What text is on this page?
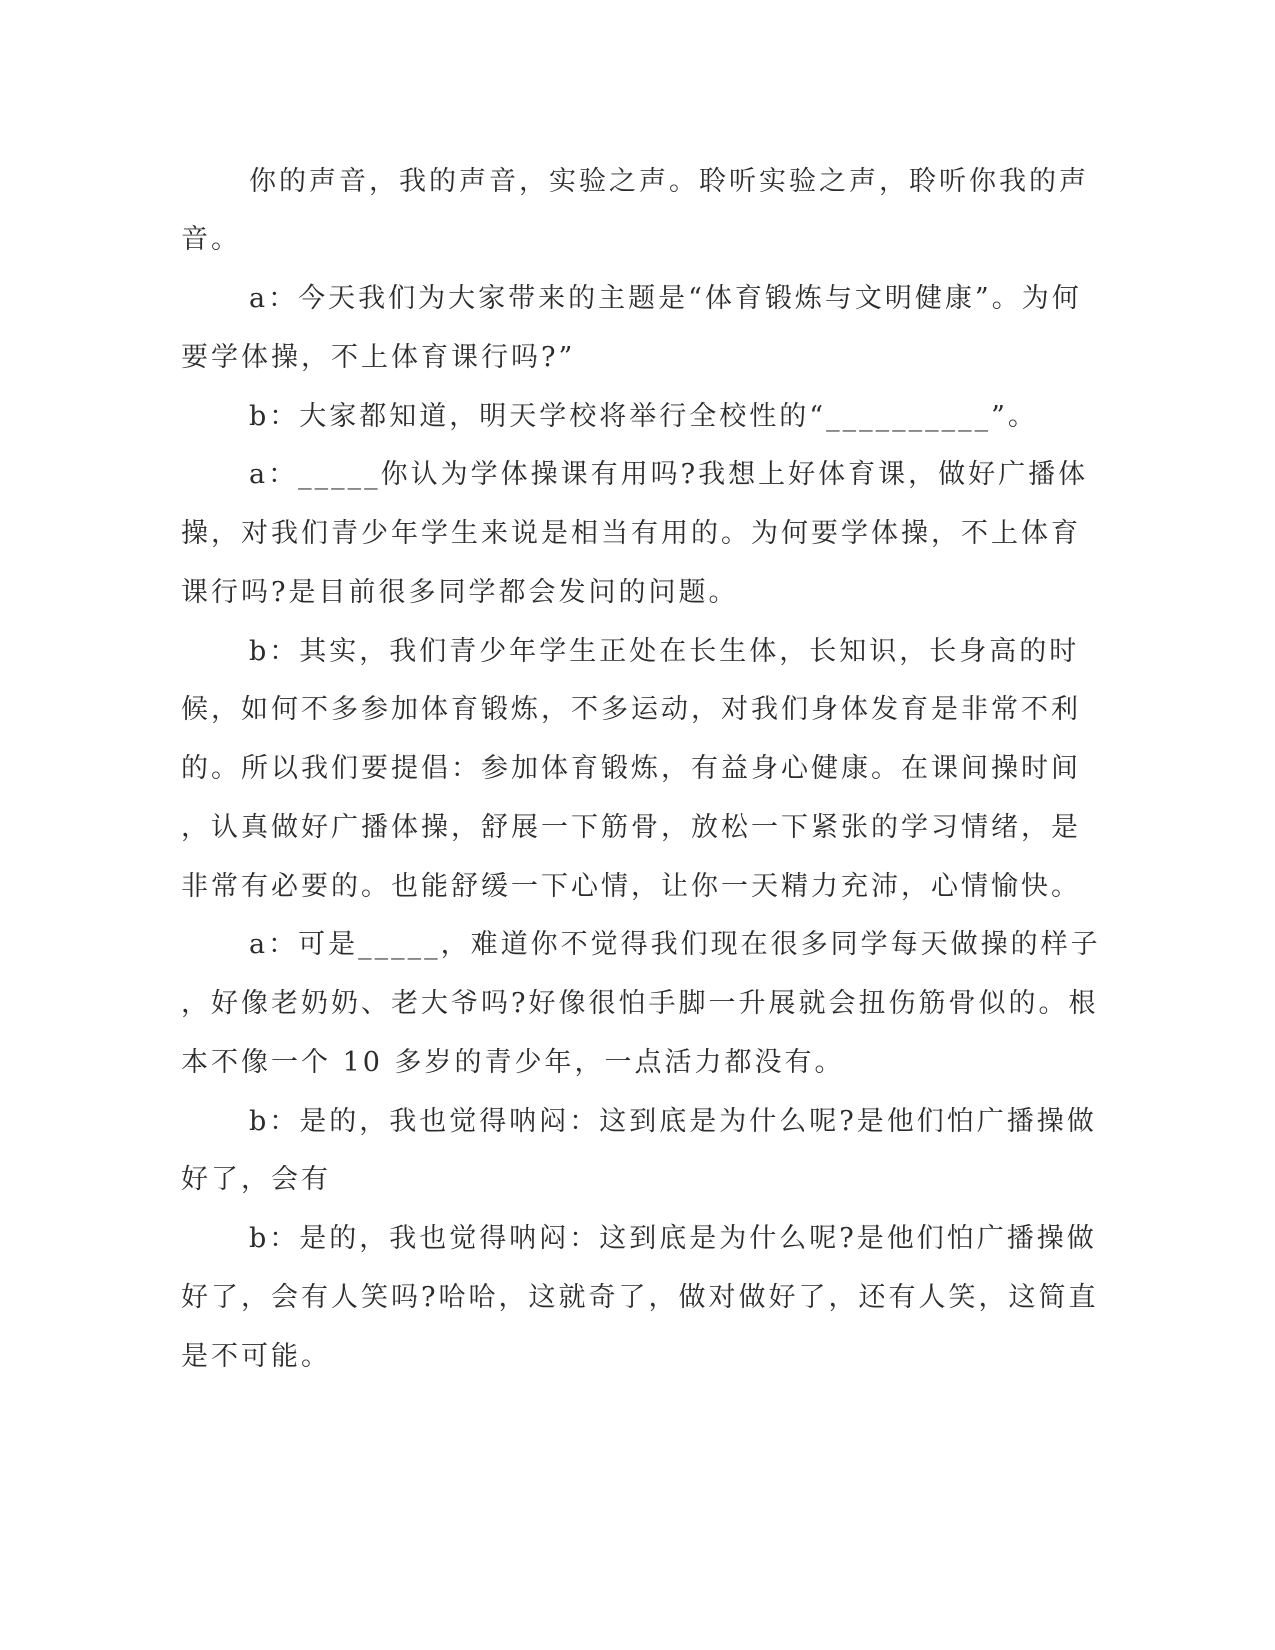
你的声音，我的声音，实验之声。聆听实验之声，聆听你我的声
音。
a：今天我们为大家带来的主题是“体育锻炼与文明健康”。为何
要学体操，不上体育课行吗?”
b：大家都知道，明天学校将举行全校性的“__________”。
a：_____你认为学体操课有用吗?我想上好体育课，做好广播体
操，对我们青少年学生来说是相当有用的。为何要学体操，不上体育
课行吗?是目前很多同学都会发问的问题。
b：其实，我们青少年学生正处在长生体，长知识，长身高的时
候，如何不多参加体育锻炼，不多运动，对我们身体发育是非常不利
的。所以我们要提倡：参加体育锻炼，有益身心健康。在课间操时间
，认真做好广播体操，舒展一下筋骨，放松一下紧张的学习情绪，是
非常有必要的。也能舒缓一下心情，让你一天精力充沛，心情愉快。
a：可是_____，难道你不觉得我们现在很多同学每天做操的样子
，好像老奶奶、老大爷吗?好像很怕手脚一升展就会扭伤筋骨似的。根
本不像一个 10 多岁的青少年，一点活力都没有。
b：是的，我也觉得呐闷：这到底是为什么呢?是他们怕广播操做
好了，会有
b：是的，我也觉得呐闷：这到底是为什么呢?是他们怕广播操做
好了，会有人笑吗?哈哈，这就奇了，做对做好了，还有人笑，这简直
是不可能。
